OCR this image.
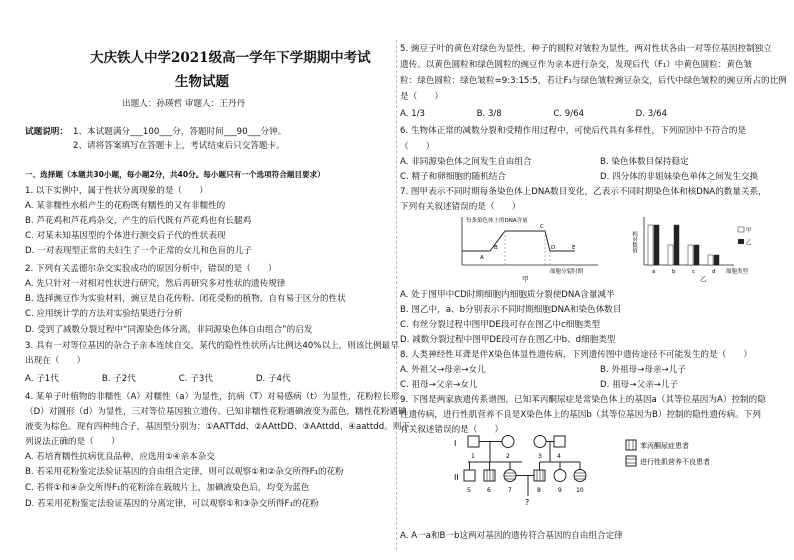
大庆铁人中学2021级高一学年下学期期中考试
生物试题
出题人：孙瑛哲 审题人：王丹丹
试题说明： 1、本试题满分___100___分，答题时间___90___分钟。
2、请将答案填写在答题卡上，考试结束后只交答题卡。
一、选择题（本题共30小题，每小题2分，共40分。每小题只有一个选项符合题目要求）
1. 以下实例中，属于性状分离现象的是（　　）
A. 某非糯性水稻产生的花粉既有糯性的又有非糯性的
B. 芦花鸡和芦花鸡杂交，产生的后代既有芦花鸡也有长腿鸡
C. 对某未知基因型的个体进行测交后子代的性状表现
D. 一对表现型正常的夫妇生了一个正常的女儿和色盲的儿子
2. 下列有关孟德尔杂交实验成功的原因分析中，错误的是（　　）
A. 先只针对一对相对性状进行研究，然后再研究多对性状的遗传规律
B. 选择豌豆作为实验材料，豌豆是自花传粉、闭花受粉的植物，自有易于区分的性状
C. 应用统计学的方法对实验结果进行分析
D. 受到了减数分裂过程中“同源染色体分离，非同源染色体自由组合”的启发
3. 具有一对等位基因的杂合子亲本连续自交，某代的隐性性状所占比例达40%以上，则该比例最早
出现在（　　）
A. 子1代　　　　　B. 子2代　　　　　C. 子3代　　　　　D. 子4代
4. 某单子叶植物的非糯性（A）对糯性（a）为显性，抗病（T）对易感病（t）为显性，花粉粒长形
（D）对圆形（d）为显性，三对等位基因独立遗传。已知非糯性花粉遇碘液变为蓝色，糯性花粉遇碘
液变为棕色。现有四种纯合子，基因型分别为：①AATTdd、②AAttDD、③AAttdd、④aattdd。则下
列说法正确的是（　　）
A. 若培育糯性抗病优良品种，应选用①④亲本杂交
B. 若采用花粉鉴定法验证基因的自由组合定律，则可以观察①和②杂交所得F₁的花粉
C. 若将①和④杂交所得F₁的花粉涂在载玻片上，加碘液染色后，均变为蓝色
D. 若采用花粉鉴定法验证基因的分离定律，可以观察①和③杂交所得F₁的花粉
5. 豌豆子叶的黄色对绿色为显性，种子的圆粒对皱粒为显性，两对性状各由一对等位基因控制独立
遗传。以黄色圆粒和绿色圆粒的豌豆作为亲本进行杂交，发现后代（F₁）中黄色圆粒：黄色皱
粒：绿色圆粒：绿色皱粒=9:3:15:5，若让F₁与绿色皱粒豌豆杂交，后代中绿色皱粒的豌豆所占的比例
是（　　）
A. 1/3　　　　　　B. 3/8　　　　　　C. 9/64　　　　　　D. 3/64
6. 生物体正常的减数分裂和受精作用过程中，可使后代具有多样性，下列原因中不符合的是
（　　）
A. 非同源染色体之间发生自由组合	B. 染色体数目保持稳定
C. 精子和卵细胞的随机结合	D. 四分体的非姐妹染色单体之间发生交换
7. 图甲表示不同时期每条染色体上DNA数目变化，乙表示不同时期染色体和核DNA的数量关系，
下列有关叙述错误的是（　　）
每条染色体上的DNA含量
A
B
C
D	E
细胞分裂时期
甲
相对数值
a	b	c	d 细胞类型
甲
乙
乙
A. 处于图甲中CD时期细胞内细胞质分裂使DNA含量减半
B. 图乙中，a、b分别表示不同时期细胞DNA和染色体数目
C. 有丝分裂过程中图甲DE段可存在图乙中c细胞类型
D. 减数分裂过程中图甲DE段可存在图乙中b、d细胞类型
8. 人类神经性耳聋是伴X染色体显性遗传病，下列遗传图中遗传途径不可能发生的是（　　）
A. 外祖父→母亲→女儿	B. 外祖母→母亲→儿子
C. 祖母→父亲→女儿	D. 祖母→父亲→儿子
9. 下图是两家族遗传系谱图，已知苯丙酮尿症是常染色体上的基因a（其等位基因为A）控制的隐
性遗传病，进行性肌营养不良是X染色体上的基因b（其等位基因为B）控制的隐性遗传病。下列
有关叙述错误的是（　　）
I
II
1	2	3	4
5	6	7	8	9 10
?
苯丙酮尿症患者
进行性肌营养不良患者
A. A一a和B一b这两对基因的遗传符合基因的自由组合定律
